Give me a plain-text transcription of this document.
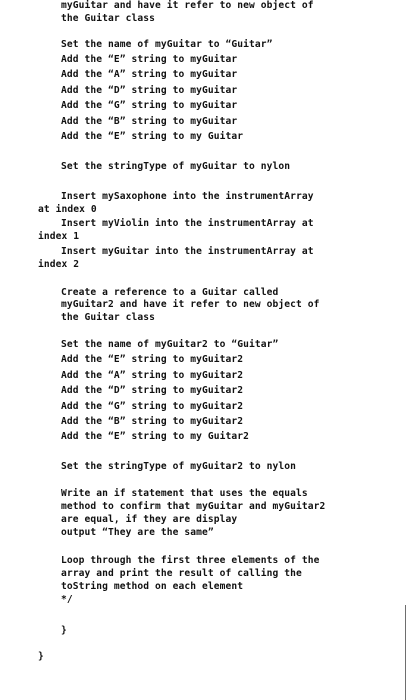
myGuitar and have it refer to new object of
the Guitar class
Set the name of myGuitar to “Guitar”
Add the “E” string to myGuitar
Add the “A” string to myGuitar
Add the “D” string to myGuitar
Add the “G” string to myGuitar
Add the “B” string to myGuitar
Add the “E” string to my Guitar
Set the stringType of myGuitar to nylon
Insert mySaxophone into the instrumentArray
at index 0
Insert myViolin into the instrumentArray at
index 1
Insert myGuitar into the instrumentArray at
index 2
Create a reference to a Guitar called
myGuitar2 and have it refer to new object of
the Guitar class
Set the name of myGuitar2 to “Guitar”
Add the “E” string to myGuitar2
Add the “A” string to myGuitar2
Add the “D” string to myGuitar2
Add the “G” string to myGuitar2
Add the “B” string to myGuitar2
Add the “E” string to my Guitar2
Set the stringType of myGuitar2 to nylon
Write an if statement that uses the equals
method to confirm that myGuitar and myGuitar2
are equal, if they are display
output “They are the same”
Loop through the first three elements of the
array and print the result of calling the
toString method on each element
*/
}
}
